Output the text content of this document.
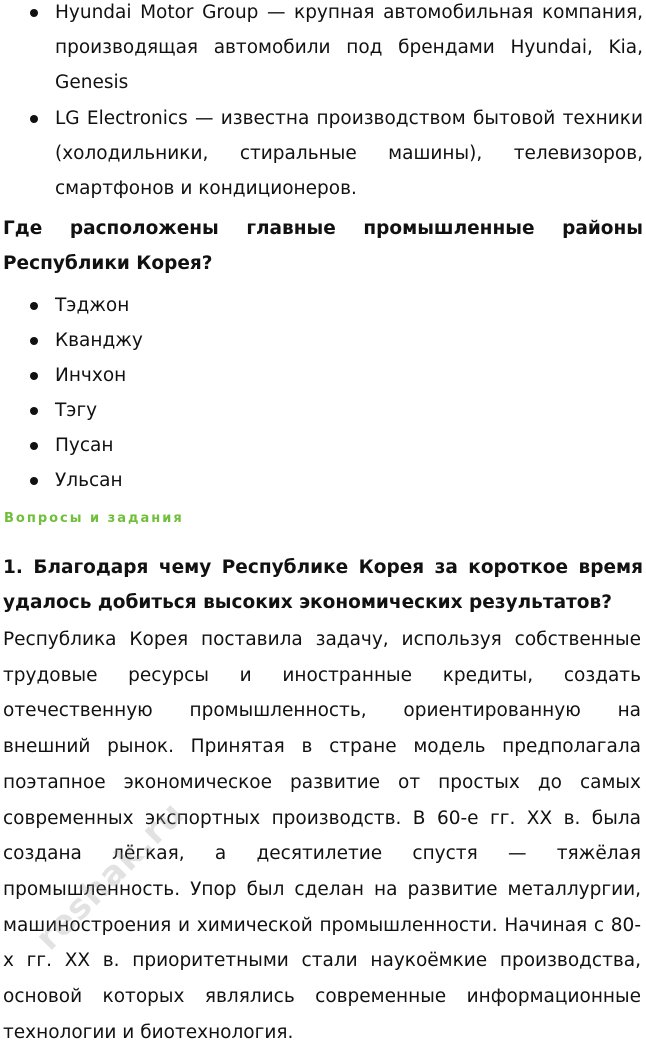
Hyundai Motor Group — крупная автомобильная компания, производящая автомобили под брендами Hyundai, Kia, Genesis
LG Electronics — известна производством бытовой техники (холодильники, стиральные машины), телевизоров, смартфонов и кондиционеров.

Где расположены главные промышленные районы Республики Корея?

Тэджон
Кванджу
Инчхон
Тэгу
Пусан
Ульсан
Вопросы и задания

1. Благодаря чему Республике Корея за короткое время удалось добиться высоких экономических результатов?

Республика Корея поставила задачу, используя собственные трудовые ресурсы и иностранные кредиты, создать отечественную промышленность, ориентированную на внешний рынок. Принятая в стране модель предполагала поэтапное экономическое развитие от простых до самых современных экспортных производств. В 60-е гг. XX в. была создана лёгкая, а десятилетие спустя — тяжёлая промышленность. Упор был сделан на развитие металлургии, машиностроения и химической промышленности. Начиная с 80-х гг. XX в. приоритетными стали наукоёмкие производства, основой которых являлись современные информационные технологии и биотехнология.

reshak.ru
